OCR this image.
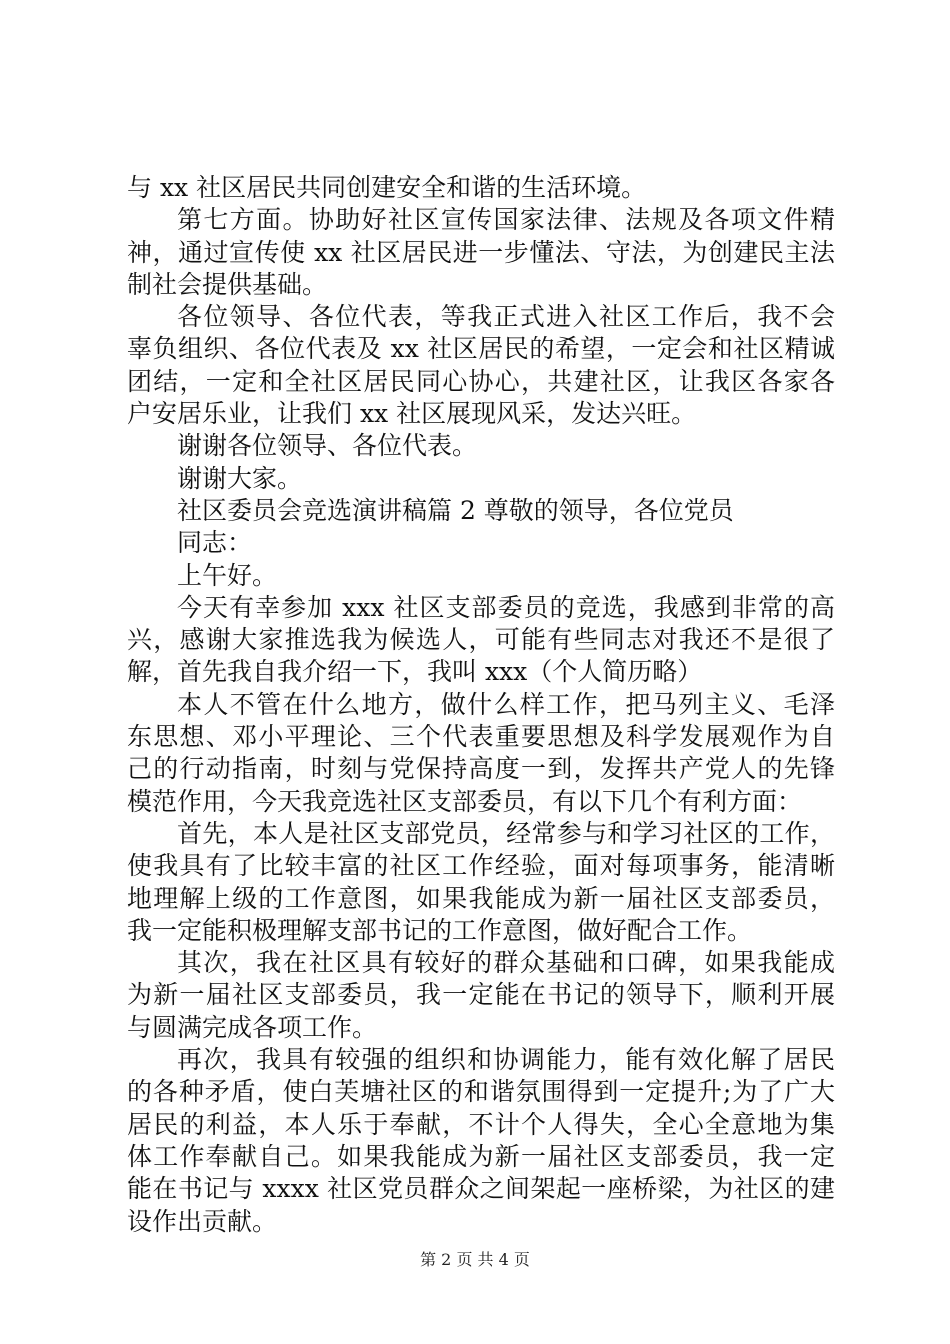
与 xx 社区居民共同创建安全和谐的生活环境。
第七方面。协助好社区宣传国家法律、法规及各项文件精
神，通过宣传使 xx 社区居民进一步懂法、守法，为创建民主法
制社会提供基础。
各位领导、各位代表，等我正式进入社区工作后，我不会
辜负组织、各位代表及 xx 社区居民的希望，一定会和社区精诚
团结，一定和全社区居民同心协心，共建社区，让我区各家各
户安居乐业，让我们 xx 社区展现风采，发达兴旺。
谢谢各位领导、各位代表。
谢谢大家。
社区委员会竞选演讲稿篇 2 尊敬的领导，各位党员
同志：
上午好。
今天有幸参加 xxx 社区支部委员的竞选，我感到非常的高
兴，感谢大家推选我为候选人，可能有些同志对我还不是很了
解，首先我自我介绍一下，我叫 xxx（个人简历略）
本人不管在什么地方，做什么样工作，把马列主义、毛泽
东思想、邓小平理论、三个代表重要思想及科学发展观作为自
己的行动指南，时刻与党保持高度一到，发挥共产党人的先锋
模范作用，今天我竞选社区支部委员，有以下几个有利方面：
首先，本人是社区支部党员，经常参与和学习社区的工作，
使我具有了比较丰富的社区工作经验，面对每项事务，能清晰
地理解上级的工作意图，如果我能成为新一届社区支部委员，
我一定能积极理解支部书记的工作意图，做好配合工作。
其次，我在社区具有较好的群众基础和口碑，如果我能成
为新一届社区支部委员，我一定能在书记的领导下，顺利开展
与圆满完成各项工作。
再次，我具有较强的组织和协调能力，能有效化解了居民
的各种矛盾，使白芙塘社区的和谐氛围得到一定提升;为了广大
居民的利益，本人乐于奉献，不计个人得失，全心全意地为集
体工作奉献自己。如果我能成为新一届社区支部委员，我一定
能在书记与 xxxx 社区党员群众之间架起一座桥梁，为社区的建
设作出贡献。
第 2 页 共 4 页
